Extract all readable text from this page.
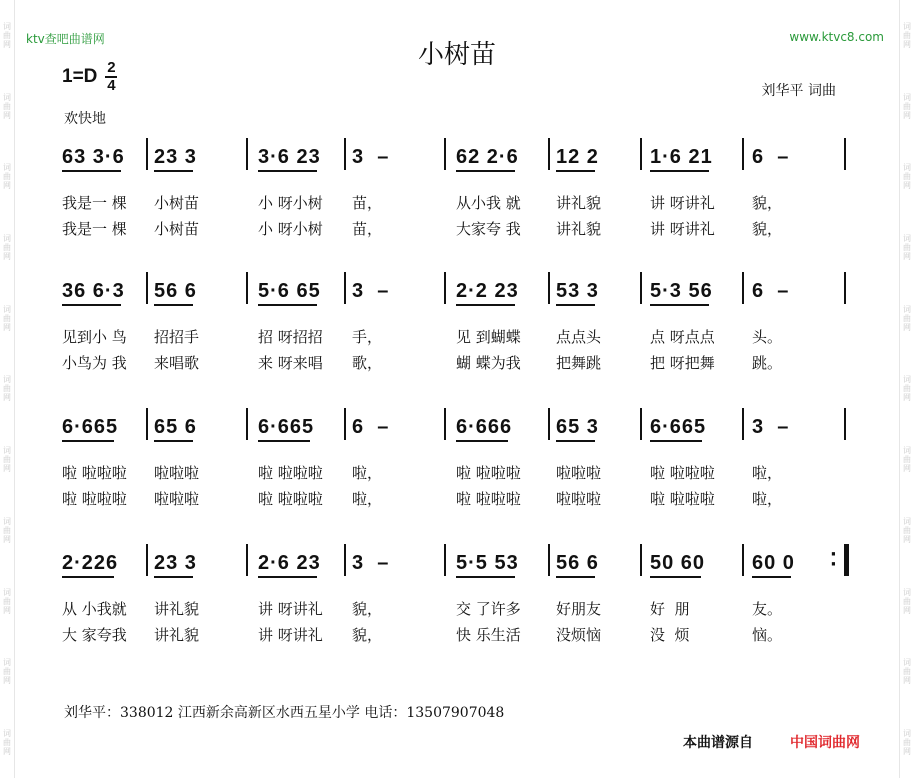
词
曲
网
词
曲
网
词
曲
网
词
曲
网
词
曲
网
词
曲
网
词
曲
网
词
曲
网
词
曲
网
词
曲
网
词
曲
网
词
曲
网
词
曲
网
词
曲
网
词
曲
网
词
曲
网
词
曲
网
词
曲
网
词
曲
网
词
曲
网
词
曲
网
词
曲
网
ktv查吧曲谱网	www.ktvc8.com
小树苗
1=D 2
4	刘华平 词曲
欢快地
63 3·6 23 3	3·6 23 3  –	62 2·6 12 2	1·6 21 6  –
我是一 棵 小树苗	小 呀小树 苗，	从小我 就 讲礼貌	讲 呀讲礼 貌，
我是一 棵 小树苗	小 呀小树 苗，	大家夸 我 讲礼貌	讲 呀讲礼 貌，
36 6·3 56 6	5·6 65 3  –	2·2 23 53 3	5·3 56 6  –
见到小 鸟 招招手	招 呀招招 手，	见 到蝴蝶 点点头	点 呀点点 头。
小鸟为 我 来唱歌	来 呀来唱 歌，	蝴 蝶为我 把舞跳	把 呀把舞 跳。
6·665 65 6	6·665 6  –	6·666 65 3	6·665 3  –
啦 啦啦啦 啦啦啦	啦 啦啦啦 啦，	啦 啦啦啦 啦啦啦	啦 啦啦啦 啦，
啦 啦啦啦 啦啦啦	啦 啦啦啦 啦，	啦 啦啦啦 啦啦啦	啦 啦啦啦 啦，
·
·
2·226 23 3	2·6 23 3  –	5·5 53 56 6	50 60 60 0
从 小我就 讲礼貌	讲 呀讲礼 貌，	交 了许多 好朋友	好  朋	友。
大 家夸我 讲礼貌	讲 呀讲礼 貌，	快 乐生活 没烦恼	没  烦	恼。
刘华平：338012 江西新余高新区水西五星小学 电话：13507907048
本曲谱源自	中国词曲网
